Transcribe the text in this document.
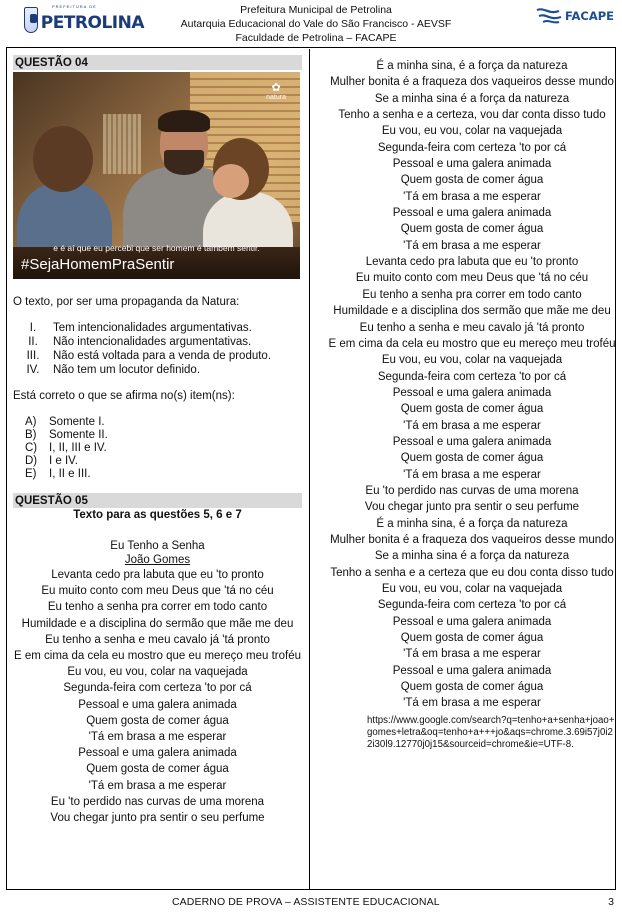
PREFEITURA DE
PETROLINA
Prefeitura Municipal de Petrolina
Autarquia Educacional do Vale do São Francisco - AEVSF
Faculdade de Petrolina – FACAPE
FACAPE
QUESTÃO 04
✿
natura
e é aí que eu percebi que ser homem é também sentir.
#SejaHomemPraSentir

O texto, por ser uma propaganda da Natura:

I.	Tem intencionalidades argumentativas.
II.	Não intencionalidades argumentativas.
III.	Não está voltada para a venda de produto.
IV.	Não tem um locutor definido.

Está correto o que se afirma no(s) item(ns):

A)	Somente I.
B)	Somente II.
C)	I, II, III e IV.
D)	I e IV.
E)	I, II e III.
QUESTÃO 05
Texto para as questões 5, 6 e 7
Eu Tenho a Senha
João Gomes

Levanta cedo pra labuta que eu 'to pronto

Eu muito conto com meu Deus que 'tá no céu

Eu tenho a senha pra correr em todo canto

Humildade e a disciplina do sermão que mãe me deu

Eu tenho a senha e meu cavalo já 'tá pronto

E em cima da cela eu mostro que eu mereço meu troféu

Eu vou, eu vou, colar na vaquejada

Segunda-feira com certeza 'to por cá

Pessoal e uma galera animada

Quem gosta de comer água

'Tá em brasa a me esperar

Pessoal e uma galera animada

Quem gosta de comer água

'Tá em brasa a me esperar

Eu 'to perdido nas curvas de uma morena

Vou chegar junto pra sentir o seu perfume

É a minha sina, é a força da natureza

Mulher bonita é a fraqueza dos vaqueiros desse mundo

Se a minha sina é a força da natureza

Tenho a senha e a certeza, vou dar conta disso tudo

Eu vou, eu vou, colar na vaquejada

Segunda-feira com certeza 'to por cá

Pessoal e uma galera animada

Quem gosta de comer água

'Tá em brasa a me esperar

Pessoal e uma galera animada

Quem gosta de comer água

'Tá em brasa a me esperar

Levanta cedo pra labuta que eu 'to pronto

Eu muito conto com meu Deus que 'tá no céu

Eu tenho a senha pra correr em todo canto

Humildade e a disciplina dos sermão que mãe me deu

Eu tenho a senha e meu cavalo já 'tá pronto

E em cima da cela eu mostro que eu mereço meu troféu

Eu vou, eu vou, colar na vaquejada

Segunda-feira com certeza 'to por cá

Pessoal e uma galera animada

Quem gosta de comer água

'Tá em brasa a me esperar

Pessoal e uma galera animada

Quem gosta de comer água

'Tá em brasa a me esperar

Eu 'to perdido nas curvas de uma morena

Vou chegar junto pra sentir o seu perfume

É a minha sina, é a força da natureza

Mulher bonita é a fraqueza dos vaqueiros desse mundo

Se a minha sina é a força da natureza

Tenho a senha e a certeza que eu dou conta disso tudo

Eu vou, eu vou, colar na vaquejada

Segunda-feira com certeza 'to por cá

Pessoal e uma galera animada

Quem gosta de comer água

'Tá em brasa a me esperar

Pessoal e uma galera animada

Quem gosta de comer água

'Tá em brasa a me esperar

https://www.google.com/search?q=tenho+a+senha+joao+gomes+letra&oq=tenho+a+++jo&aqs=chrome.3.69i57j0i22i30l9.12770j0j15&sourceid=chrome&ie=UTF-8.

CADERNO DE PROVA – ASSISTENTE EDUCACIONAL	3
